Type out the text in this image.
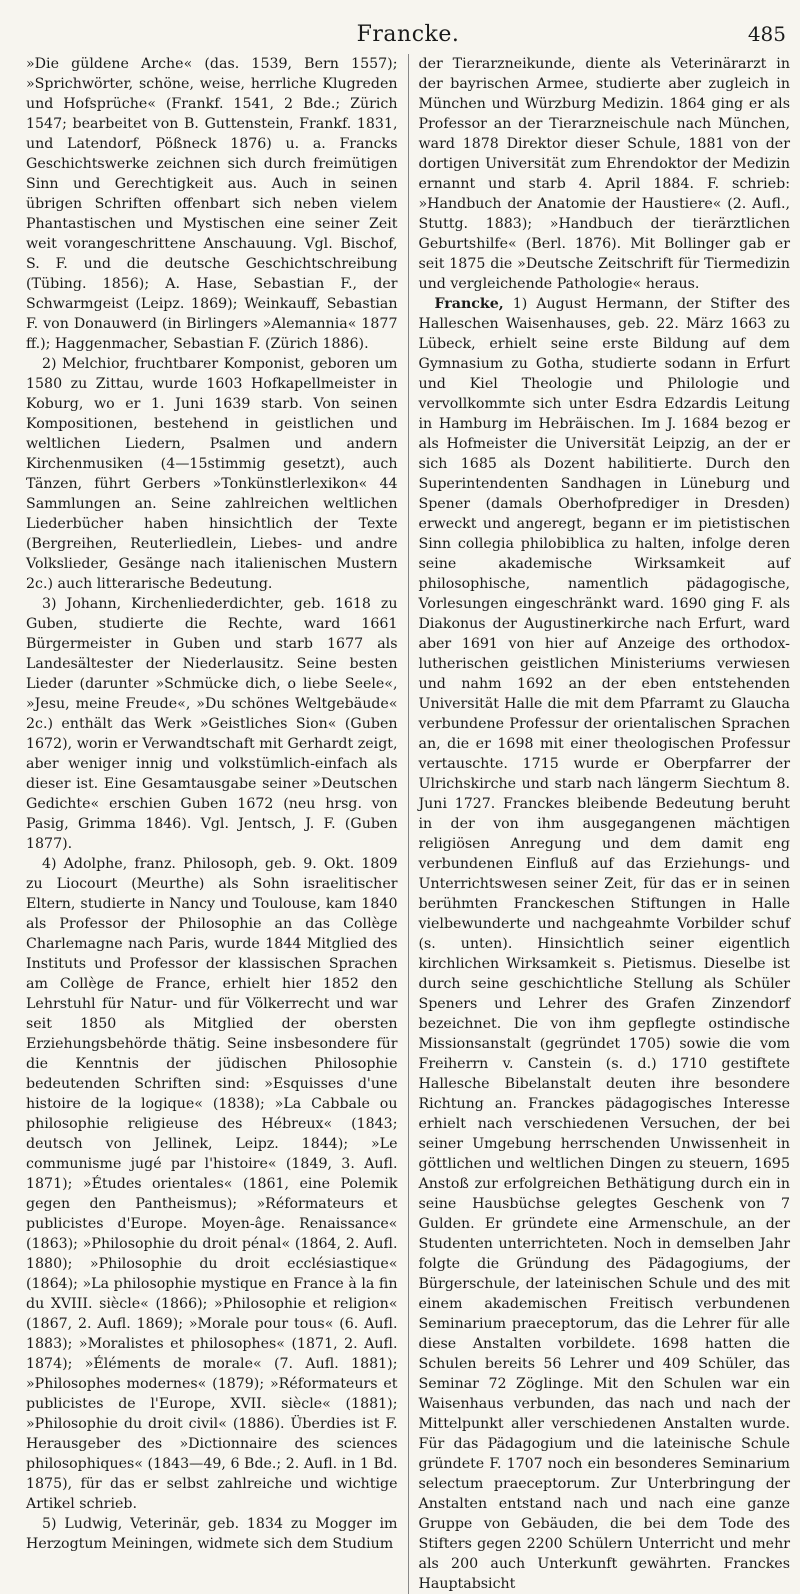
Francke.	485

»Die güldene Arche« (das. 1539, Bern 1557); »Sprichwörter, schöne, weise, herrliche Klugreden und Hofsprüche« (Frankf. 1541, 2 Bde.; Zürich 1547; bearbeitet von B. Guttenstein, Frankf. 1831, und Latendorf, Pößneck 1876) u. a. Francks Geschichtswerke zeichnen sich durch freimütigen Sinn und Gerechtigkeit aus. Auch in seinen übrigen Schriften offenbart sich neben vielem Phantastischen und Mystischen eine seiner Zeit weit vorangeschrittene Anschauung. Vgl. Bischof, S. F. und die deutsche Geschichtschreibung (Tübing. 1856); A. Hase, Sebastian F., der Schwarmgeist (Leipz. 1869); Weinkauff, Sebastian F. von Donauwerd (in Birlingers »Alemannia« 1877 ff.); Haggenmacher, Sebastian F. (Zürich 1886).

2) Melchior, fruchtbarer Komponist, geboren um 1580 zu Zittau, wurde 1603 Hofkapellmeister in Koburg, wo er 1. Juni 1639 starb. Von seinen Kompositionen, bestehend in geistlichen und weltlichen Liedern, Psalmen und andern Kirchenmusiken (4—15stimmig gesetzt), auch Tänzen, führt Gerbers »Tonkünstlerlexikon« 44 Sammlungen an. Seine zahlreichen weltlichen Liederbücher haben hinsichtlich der Texte (Bergreihen, Reuterliedlein, Liebes- und andre Volkslieder, Gesänge nach italienischen Mustern 2c.) auch litterarische Bedeutung.

3) Johann, Kirchenliederdichter, geb. 1618 zu Guben, studierte die Rechte, ward 1661 Bürgermeister in Guben und starb 1677 als Landesältester der Niederlausitz. Seine besten Lieder (darunter »Schmücke dich, o liebe Seele«, »Jesu, meine Freude«, »Du schönes Weltgebäude« 2c.) enthält das Werk »Geistliches Sion« (Guben 1672), worin er Verwandtschaft mit Gerhardt zeigt, aber weniger innig und volkstümlich-einfach als dieser ist. Eine Gesamtausgabe seiner »Deutschen Gedichte« erschien Guben 1672 (neu hrsg. von Pasig, Grimma 1846). Vgl. Jentsch, J. F. (Guben 1877).

4) Adolphe, franz. Philosoph, geb. 9. Okt. 1809 zu Liocourt (Meurthe) als Sohn israelitischer Eltern, studierte in Nancy und Toulouse, kam 1840 als Professor der Philosophie an das Collège Charlemagne nach Paris, wurde 1844 Mitglied des Instituts und Professor der klassischen Sprachen am Collège de France, erhielt hier 1852 den Lehrstuhl für Natur- und für Völkerrecht und war seit 1850 als Mitglied der obersten Erziehungsbehörde thätig. Seine insbesondere für die Kenntnis der jüdischen Philosophie bedeutenden Schriften sind: »Esquisses d'une histoire de la logique« (1838); »La Cabbale ou philosophie religieuse des Hébreux« (1843; deutsch von Jellinek, Leipz. 1844); »Le communisme jugé par l'histoire« (1849, 3. Aufl. 1871); »Études orientales« (1861, eine Polemik gegen den Pantheismus); »Réformateurs et publicistes d'Europe. Moyen-âge. Renaissance« (1863); »Philosophie du droit pénal« (1864, 2. Aufl. 1880); »Philosophie du droit ecclésiastique« (1864); »La philosophie mystique en France à la fin du XVIII. siècle« (1866); »Philosophie et religion« (1867, 2. Aufl. 1869); »Morale pour tous« (6. Aufl. 1883); »Moralistes et philosophes« (1871, 2. Aufl. 1874); »Éléments de morale« (7. Aufl. 1881); »Philosophes modernes« (1879); »Réformateurs et publicistes de l'Europe, XVII. siècle« (1881); »Philosophie du droit civil« (1886). Überdies ist F. Herausgeber des »Dictionnaire des sciences philosophiques« (1843—49, 6 Bde.; 2. Aufl. in 1 Bd. 1875), für das er selbst zahlreiche und wichtige Artikel schrieb.

5) Ludwig, Veterinär, geb. 1834 zu Mogger im Herzogtum Meiningen, widmete sich dem Studium

der Tierarzneikunde, diente als Veterinärarzt in der bayrischen Armee, studierte aber zugleich in München und Würzburg Medizin. 1864 ging er als Professor an der Tierarzneischule nach München, ward 1878 Direktor dieser Schule, 1881 von der dortigen Universität zum Ehrendoktor der Medizin ernannt und starb 4. April 1884. F. schrieb: »Handbuch der Anatomie der Haustiere« (2. Aufl., Stuttg. 1883); »Handbuch der tierärztlichen Geburtshilfe« (Berl. 1876). Mit Bollinger gab er seit 1875 die »Deutsche Zeitschrift für Tiermedizin und vergleichende Pathologie« heraus.

Francke, 1) August Hermann, der Stifter des Halleschen Waisenhauses, geb. 22. März 1663 zu Lübeck, erhielt seine erste Bildung auf dem Gymnasium zu Gotha, studierte sodann in Erfurt und Kiel Theologie und Philologie und vervollkommte sich unter Esdra Edzardis Leitung in Hamburg im Hebräischen. Im J. 1684 bezog er als Hofmeister die Universität Leipzig, an der er sich 1685 als Dozent habilitierte. Durch den Superintendenten Sandhagen in Lüneburg und Spener (damals Oberhofprediger in Dresden) erweckt und angeregt, begann er im pietistischen Sinn collegia philobiblica zu halten, infolge deren seine akademische Wirksamkeit auf philosophische, namentlich pädagogische, Vorlesungen eingeschränkt ward. 1690 ging F. als Diakonus der Augustinerkirche nach Erfurt, ward aber 1691 von hier auf Anzeige des orthodox-lutherischen geistlichen Ministeriums verwiesen und nahm 1692 an der eben entstehenden Universität Halle die mit dem Pfarramt zu Glaucha verbundene Professur der orientalischen Sprachen an, die er 1698 mit einer theologischen Professur vertauschte. 1715 wurde er Oberpfarrer der Ulrichskirche und starb nach längerm Siechtum 8. Juni 1727. Franckes bleibende Bedeutung beruht in der von ihm ausgegangenen mächtigen religiösen Anregung und dem damit eng verbundenen Einfluß auf das Erziehungs- und Unterrichtswesen seiner Zeit, für das er in seinen berühmten Franckeschen Stiftungen in Halle vielbewunderte und nachgeahmte Vorbilder schuf (s. unten). Hinsichtlich seiner eigentlich kirchlichen Wirksamkeit s. Pietismus. Dieselbe ist durch seine geschichtliche Stellung als Schüler Speners und Lehrer des Grafen Zinzendorf bezeichnet. Die von ihm gepflegte ostindische Missionsanstalt (gegründet 1705) sowie die vom Freiherrn v. Canstein (s. d.) 1710 gestiftete Hallesche Bibelanstalt deuten ihre besondere Richtung an. Franckes pädagogisches Interesse erhielt nach verschiedenen Versuchen, der bei seiner Umgebung herrschenden Unwissenheit in göttlichen und weltlichen Dingen zu steuern, 1695 Anstoß zur erfolgreichen Bethätigung durch ein in seine Hausbüchse gelegtes Geschenk von 7 Gulden. Er gründete eine Armenschule, an der Studenten unterrichteten. Noch in demselben Jahr folgte die Gründung des Pädagogiums, der Bürgerschule, der lateinischen Schule und des mit einem akademischen Freitisch verbundenen Seminarium praeceptorum, das die Lehrer für alle diese Anstalten vorbildete. 1698 hatten die Schulen bereits 56 Lehrer und 409 Schüler, das Seminar 72 Zöglinge. Mit den Schulen war ein Waisenhaus verbunden, das nach und nach der Mittelpunkt aller verschiedenen Anstalten wurde. Für das Pädagogium und die lateinische Schule gründete F. 1707 noch ein besonderes Seminarium selectum praeceptorum. Zur Unterbringung der Anstalten entstand nach und nach eine ganze Gruppe von Gebäuden, die bei dem Tode des Stifters gegen 2200 Schülern Unterricht und mehr als 200 auch Unterkunft gewährten. Franckes Hauptabsicht
